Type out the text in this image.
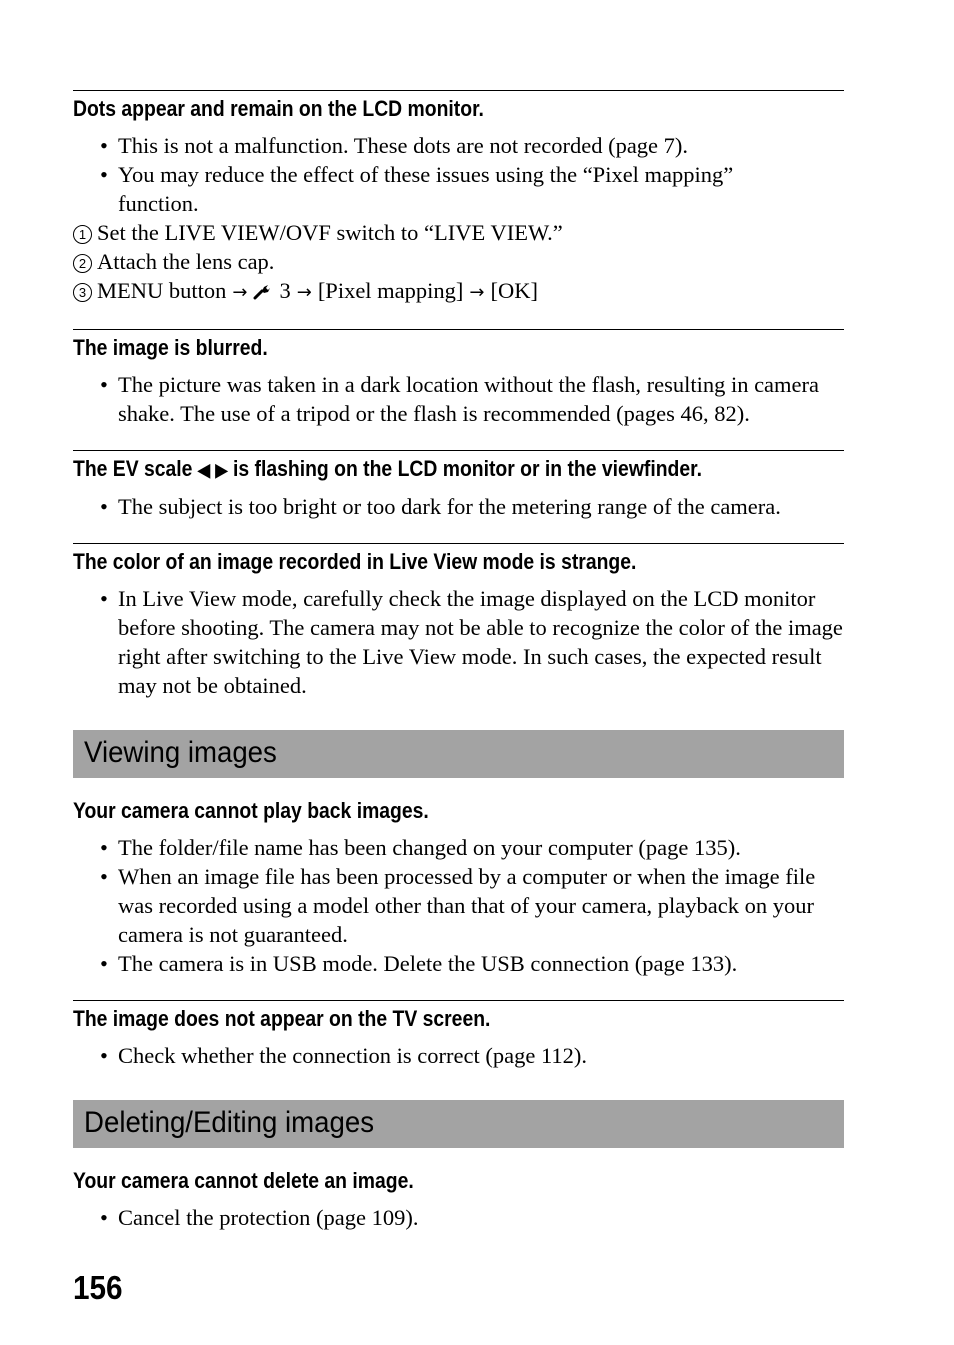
Dots appear and remain on the LCD monitor.
• This is not a malfunction. These dots are not recorded (page 7).
• You may reduce the effect of these issues using the “Pixel mapping” function.
1 Set the LIVE VIEW/OVF switch to “LIVE VIEW.”
2 Attach the lens cap.
3 MENU button → 3 → [Pixel mapping] → [OK]
The image is blurred.
• The picture was taken in a dark location without the flash, resulting in camera shake. The use of a tripod or the flash is recommended (pages 46, 82).
The EV scale ◀ ▶ is flashing on the LCD monitor or in the viewfinder.
• The subject is too bright or too dark for the metering range of the camera.
The color of an image recorded in Live View mode is strange.
• In Live View mode, carefully check the image displayed on the LCD monitor before shooting. The camera may not be able to recognize the color of the image right after switching to the Live View mode. In such cases, the expected result may not be obtained.
Viewing images
Your camera cannot play back images.
• The folder/file name has been changed on your computer (page 135).
• When an image file has been processed by a computer or when the image file was recorded using a model other than that of your camera, playback on your camera is not guaranteed.
• The camera is in USB mode. Delete the USB connection (page 133).
The image does not appear on the TV screen.
• Check whether the connection is correct (page 112).
Deleting/Editing images
Your camera cannot delete an image.
• Cancel the protection (page 109).
156
